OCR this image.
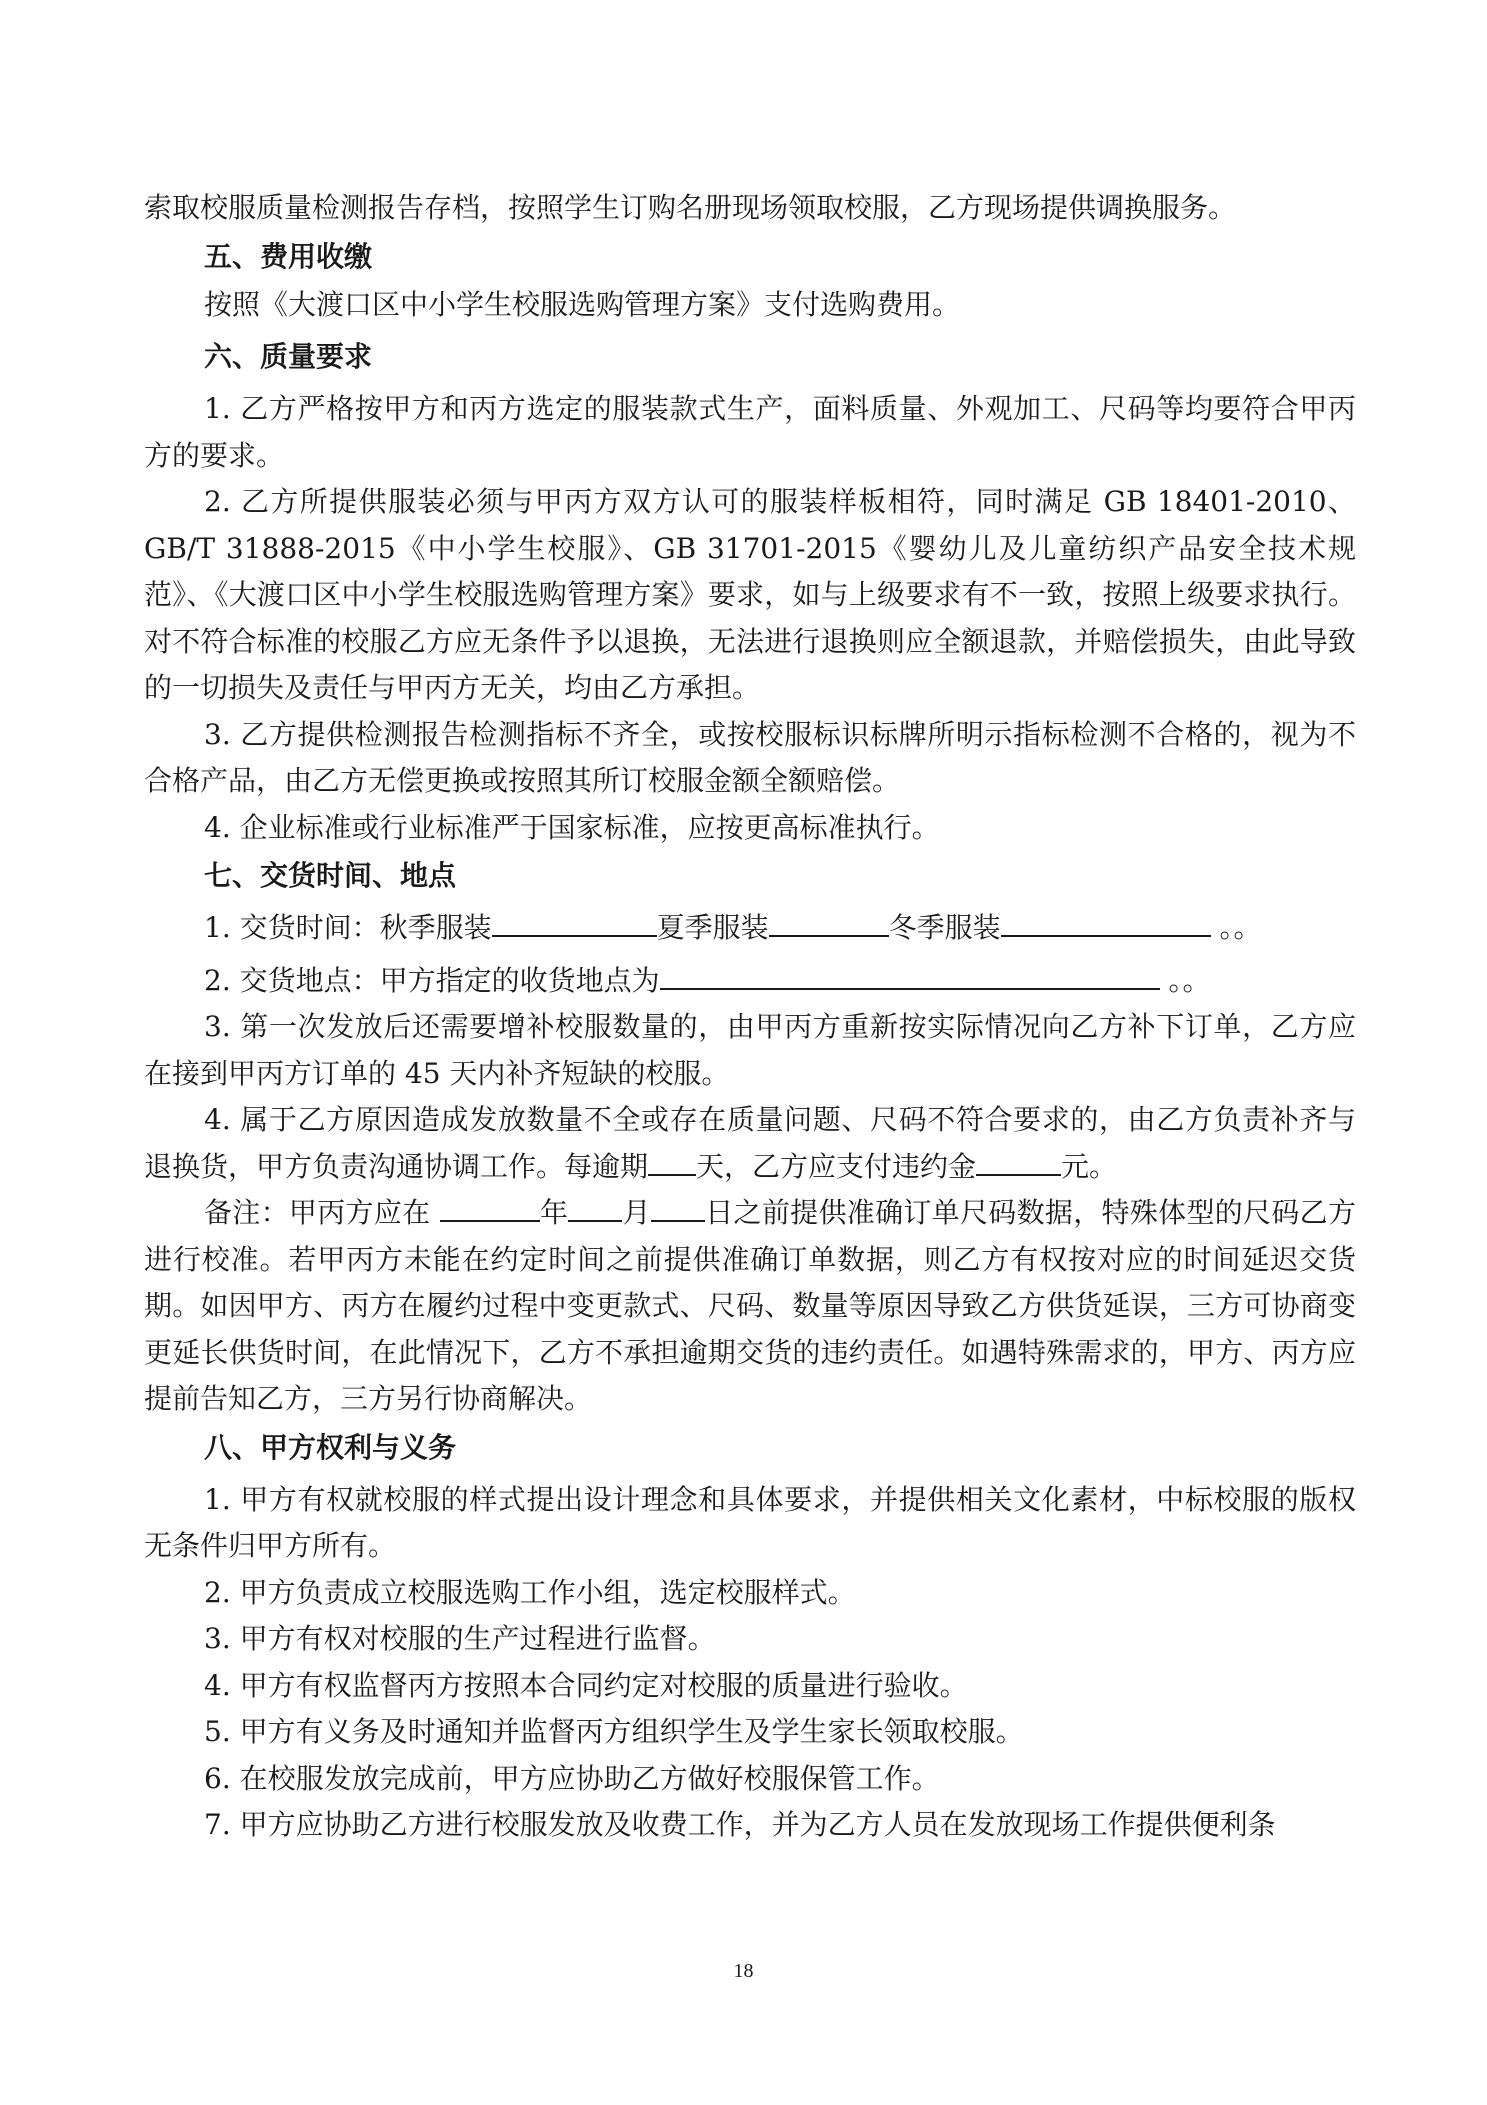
索取校服质量检测报告存档，按照学生订购名册现场领取校服，乙方现场提供调换服务。

五、费用收缴

按照《大渡口区中小学生校服选购管理方案》支付选购费用。

六、质量要求

1. 乙方严格按甲方和丙方选定的服装款式生产，面料质量、外观加工、尺码等均要符合甲丙方的要求。

2. 乙方所提供服装必须与甲丙方双方认可的服装样板相符，同时满足 GB 18401-2010、GB/T 31888-2015《中小学生校服》、GB 31701-2015《婴幼儿及儿童纺织产品安全技术规范》、《大渡口区中小学生校服选购管理方案》要求，如与上级要求有不一致，按照上级要求执行。对不符合标准的校服乙方应无条件予以退换，无法进行退换则应全额退款，并赔偿损失，由此导致的一切损失及责任与甲丙方无关，均由乙方承担。

3. 乙方提供检测报告检测指标不齐全，或按校服标识标牌所明示指标检测不合格的，视为不合格产品，由乙方无偿更换或按照其所订校服金额全额赔偿。

4. 企业标准或行业标准严于国家标准，应按更高标准执行。

七、交货时间、地点

1. 交货时间：秋季服装	夏季服装	冬季服装	。。

2. 交货地点：甲方指定的收货地点为	。。

3. 第一次发放后还需要增补校服数量的，由甲丙方重新按实际情况向乙方补下订单，乙方应在接到甲丙方订单的 45 天内补齐短缺的校服。

4. 属于乙方原因造成发放数量不全或存在质量问题、尺码不符合要求的，由乙方负责补齐与退换货，甲方负责沟通协调工作。每逾期 天，乙方应支付违约金	元。

备注：甲丙方应在	年 月 日之前提供准确订单尺码数据，特殊体型的尺码乙方进行校准。若甲丙方未能在约定时间之前提供准确订单数据，则乙方有权按对应的时间延迟交货期。如因甲方、丙方在履约过程中变更款式、尺码、数量等原因导致乙方供货延误，三方可协商变更延长供货时间，在此情况下，乙方不承担逾期交货的违约责任。如遇特殊需求的，甲方、丙方应提前告知乙方，三方另行协商解决。

八、甲方权利与义务

1. 甲方有权就校服的样式提出设计理念和具体要求，并提供相关文化素材，中标校服的版权无条件归甲方所有。

2. 甲方负责成立校服选购工作小组，选定校服样式。

3. 甲方有权对校服的生产过程进行监督。

4. 甲方有权监督丙方按照本合同约定对校服的质量进行验收。

5. 甲方有义务及时通知并监督丙方组织学生及学生家长领取校服。

6. 在校服发放完成前，甲方应协助乙方做好校服保管工作。

7. 甲方应协助乙方进行校服发放及收费工作，并为乙方人员在发放现场工作提供便利条

18
